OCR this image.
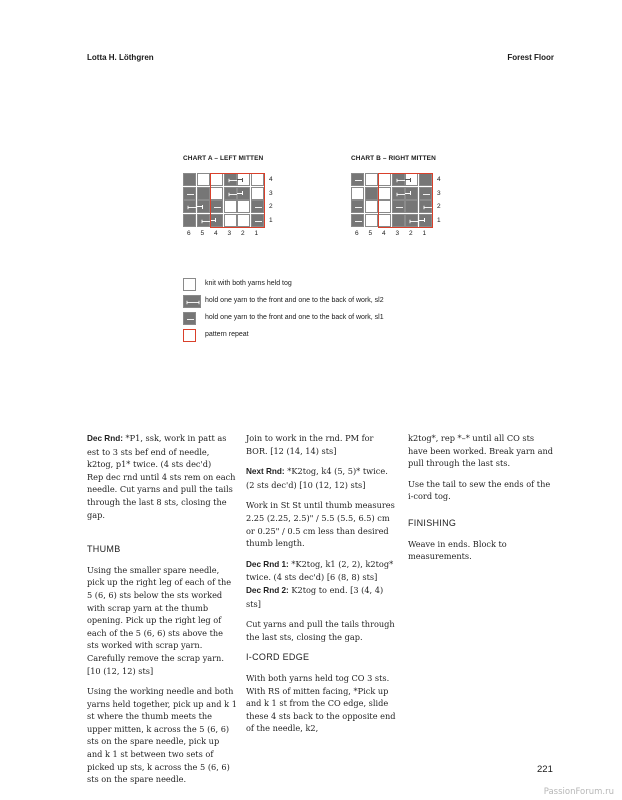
Lotta H. Löthgren	Forest Floor
CHART A – LEFT MITTEN
4
3
2
1
6 5 4 3 2 1
CHART B – RIGHT MITTEN
4
3
2
1
6 5 4 3 2 1
knit with both yarns held tog
hold one yarn to the front and one to the back of work, sl2
hold one yarn to the front and one to the back of work, sl1
pattern repeat

Dec Rnd: *P1, ssk, work in patt as est to 3 sts bef end of needle, k2tog, p1* twice. (4 sts dec'd)

Rep dec rnd until 4 sts rem on each needle. Cut yarns and pull the tails through the last 8 sts, closing the gap.

THUMB

Using the smaller spare needle, pick up the right leg of each of the 5 (6, 6) sts below the sts worked with scrap yarn at the thumb opening. Pick up the right leg of each of the 5 (6, 6) sts above the sts worked with scrap yarn. Carefully remove the scrap yarn. [10 (12, 12) sts]

Using the working needle and both yarns held together, pick up and k 1 st where the thumb meets the upper mitten, k across the 5 (6, 6) sts on the spare needle, pick up and k 1 st between two sets of picked up sts, k across the 5 (6, 6) sts on the spare needle.

Join to work in the rnd. PM for BOR. [12 (14, 14) sts]

Next Rnd: *K2tog, k4 (5, 5)* twice. (2 sts dec'd) [10 (12, 12) sts]

Work in St St until thumb measures 2.25 (2.25, 2.5)" / 5.5 (5.5, 6.5) cm or 0.25" / 0.5 cm less than desired thumb length.

Dec Rnd 1: *K2tog, k1 (2, 2), k2tog* twice. (4 sts dec'd) [6 (8, 8) sts]

Dec Rnd 2: K2tog to end. [3 (4, 4) sts]

Cut yarns and pull the tails through the last sts, closing the gap.

I-CORD EDGE

With both yarns held tog CO 3 sts. With RS of mitten facing, *Pick up and k 1 st from the CO edge, slide these 4 sts back to the opposite end of the needle, k2,

k2tog*, rep *–* until all CO sts have been worked. Break yarn and pull through the last sts.

Use the tail to sew the ends of the i-cord tog.

FINISHING

Weave in ends. Block to measurements.

221
PassionForum.ru
